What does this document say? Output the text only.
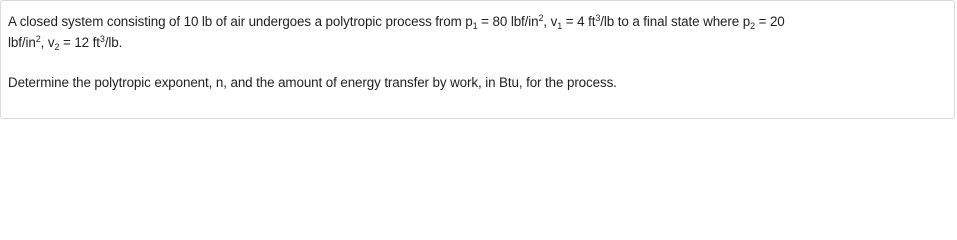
A closed system consisting of 10 lb of air undergoes a polytropic process from $p_1 = 80$ lbf/$in^2$, $v_1 = 4$ $ft^3/lb$ to a final state where $p_2 = 20$
lbf/$in^2$, $v_2 = 12$ $ft^3/lb$.

Determine the polytropic exponent, n, and the amount of energy transfer by work, in Btu, for the process.
